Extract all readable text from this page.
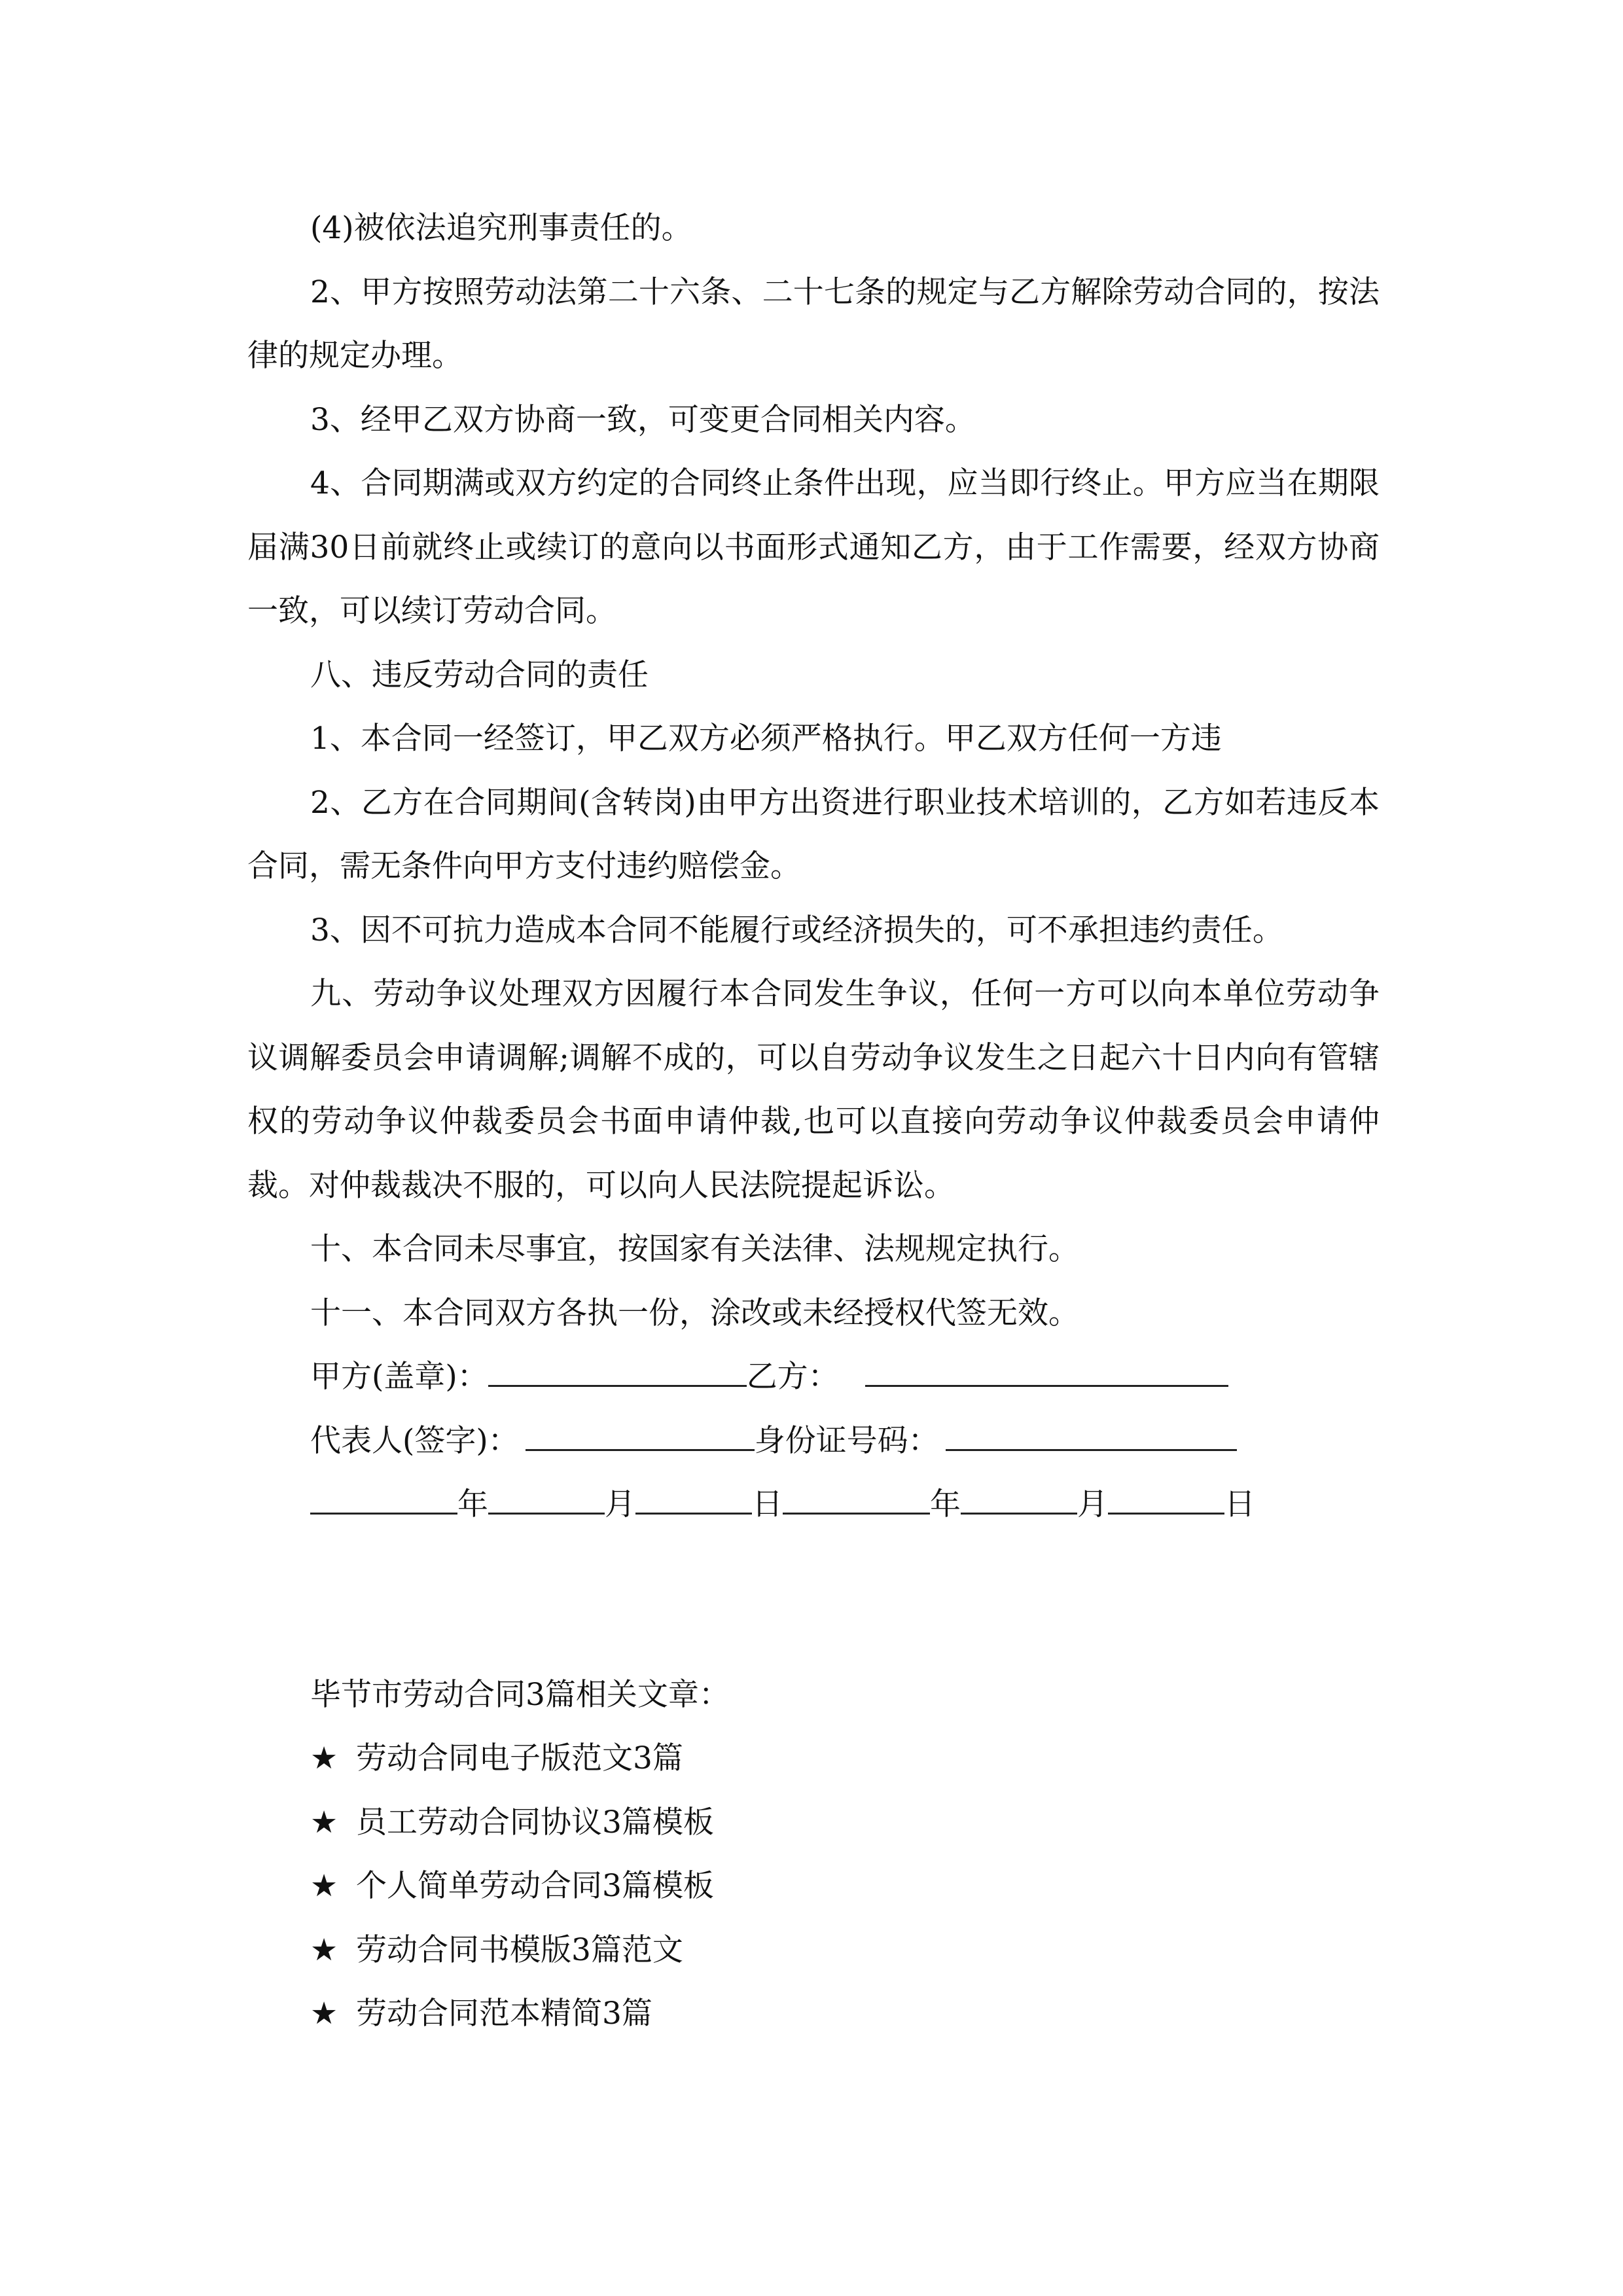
(4)被依法追究刑事责任的。

2、甲方按照劳动法第二十六条、二十七条的规定与乙方解除劳动合同的，按法律的规定办理。

3、经甲乙双方协商一致，可变更合同相关内容。

4、合同期满或双方约定的合同终止条件出现，应当即行终止。甲方应当在期限届满30日前就终止或续订的意向以书面形式通知乙方，由于工作需要，经双方协商一致，可以续订劳动合同。

八、违反劳动合同的责任

1、本合同一经签订，甲乙双方必须严格执行。甲乙双方任何一方违

2、乙方在合同期间(含转岗)由甲方出资进行职业技术培训的，乙方如若违反本合同，需无条件向甲方支付违约赔偿金。

3、因不可抗力造成本合同不能履行或经济损失的，可不承担违约责任。

九、劳动争议处理双方因履行本合同发生争议，任何一方可以向本单位劳动争议调解委员会申请调解;调解不成的，可以自劳动争议发生之日起六十日内向有管辖权的劳动争议仲裁委员会书面申请仲裁,也可以直接向劳动争议仲裁委员会申请仲裁。对仲裁裁决不服的，可以向人民法院提起诉讼。

十、本合同未尽事宜，按国家有关法律、法规规定执行。

十一、本合同双方各执一份，涂改或未经授权代签无效。

甲方(盖章)：	乙方：
代表人(签字)：	身份证号码：
年	月	日	年	月	日

毕节市劳动合同3篇相关文章：

★ 劳动合同电子版范文3篇
★ 员工劳动合同协议3篇模板
★ 个人简单劳动合同3篇模板
★ 劳动合同书模版3篇范文
★ 劳动合同范本精简3篇
